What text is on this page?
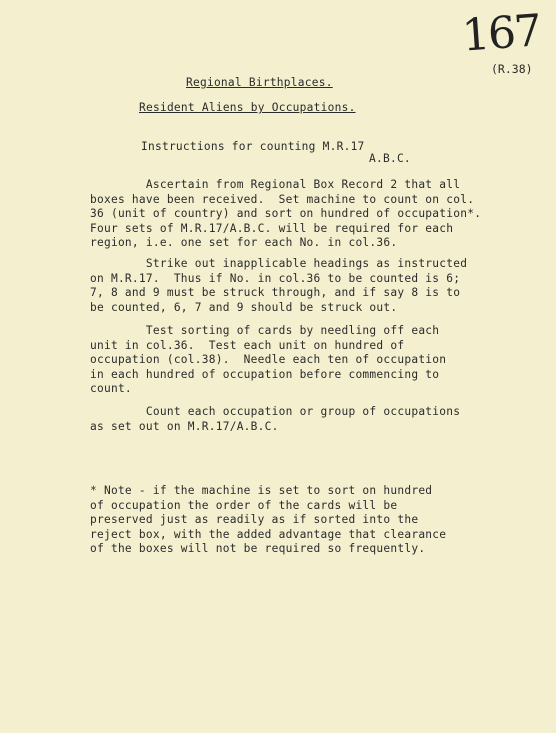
167
(R.38)
Regional Birthplaces.
Resident Aliens by Occupations.
Instructions for counting M.R.17
A.B.C.
Ascertain from Regional Box Record 2 that all
boxes have been received.  Set machine to count on col.
36 (unit of country) and sort on hundred of occupation*.
Four sets of M.R.17/A.B.C. will be required for each
region, i.e. one set for each No. in col.36.
Strike out inapplicable headings as instructed
on M.R.17.  Thus if No. in col.36 to be counted is 6;
7, 8 and 9 must be struck through, and if say 8 is to
be counted, 6, 7 and 9 should be struck out.
Test sorting of cards by needling off each
unit in col.36.  Test each unit on hundred of
occupation (col.38).  Needle each ten of occupation
in each hundred of occupation before commencing to
count.
Count each occupation or group of occupations
as set out on M.R.17/A.B.C.
* Note - if the machine is set to sort on hundred
of occupation the order of the cards will be
preserved just as readily as if sorted into the
reject box, with the added advantage that clearance
of the boxes will not be required so frequently.
